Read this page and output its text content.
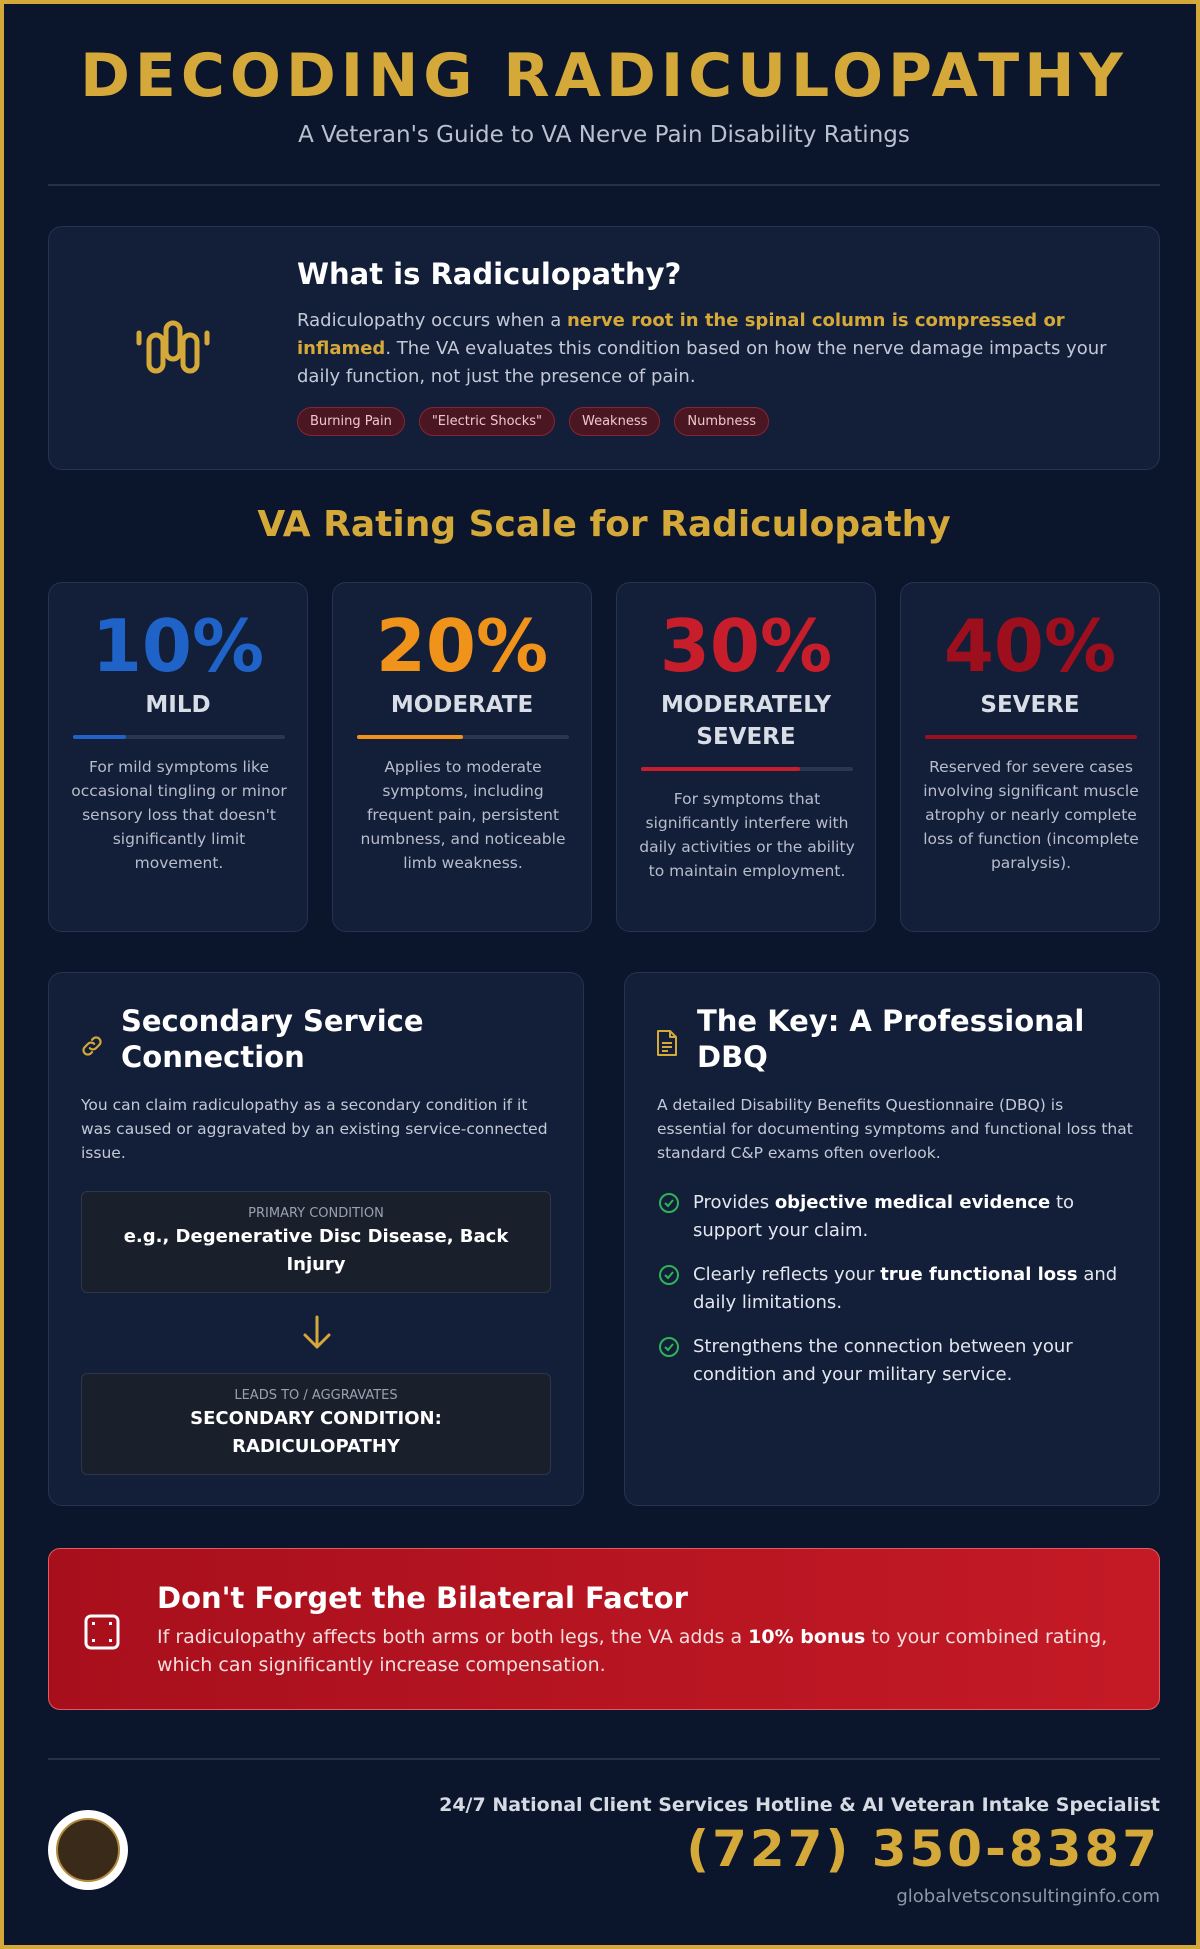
DECODING RADICULOPATHY
A Veteran's Guide to VA Nerve Pain Disability Ratings
What is Radiculopathy?

Radiculopathy occurs when a nerve root in the spinal column is compressed or inflamed. The VA evaluates this condition based on how the nerve damage impacts your daily function, not just the presence of pain.

Burning Pain	"Electric Shocks"	Weakness	Numbness
VA Rating Scale for Radiculopathy
10%
MILD
For mild symptoms like occasional tingling or minor sensory loss that doesn't significantly limit movement.
20%
MODERATE
Applies to moderate symptoms, including frequent pain, persistent numbness, and noticeable limb weakness.
30%
MODERATELY SEVERE
For symptoms that significantly interfere with daily activities or the ability to maintain employment.
40%
SEVERE
Reserved for severe cases involving significant muscle atrophy or nearly complete loss of function (incomplete paralysis).
Secondary Service Connection
You can claim radiculopathy as a secondary condition if it was caused or aggravated by an existing service-connected issue.
PRIMARY CONDITION
e.g., Degenerative Disc Disease, Back Injury
LEADS TO / AGGRAVATES
SECONDARY CONDITION: RADICULOPATHY
The Key: A Professional DBQ
A detailed Disability Benefits Questionnaire (DBQ) is essential for documenting symptoms and functional loss that standard C&P exams often overlook.
Provides objective medical evidence to support your claim.
Clearly reflects your true functional loss and daily limitations.
Strengthens the connection between your condition and your military service.
Don't Forget the Bilateral Factor

If radiculopathy affects both arms or both legs, the VA adds a 10% bonus to your combined rating, which can significantly increase compensation.

24/7 National Client Services Hotline & AI Veteran Intake Specialist
(727) 350-8387
globalvetsconsultinginfo.com
